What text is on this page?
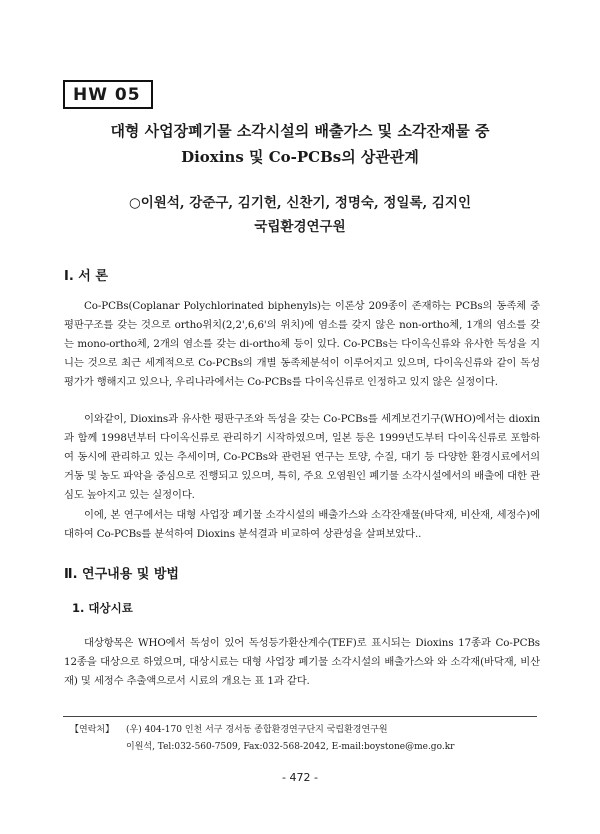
HW 05
대형 사업장폐기물 소각시설의 배출가스 및 소각잔재물 중
Dioxins 및 Co-PCBs의 상관관계
○이원석, 강준구, 김기헌, 신찬기, 정명숙, 정일록, 김지인
국립환경연구원
Ⅰ. 서 론

Co-PCBs(Coplanar Polychlorinated biphenyls)는 이론상 209종이 존재하는 PCBs의 동족체 중 평판구조를 갖는 것으로 ortho위치(2,2',6,6'의 위치)에 염소를 갖지 않은 non-ortho체, 1개의 염소를 갖는 mono-ortho체, 2개의 염소를 갖는 di-ortho체 등이 있다. Co-PCBs는 다이옥신류와 유사한 독성을 지니는 것으로 최근 세계적으로 Co-PCBs의 개별 동족체분석이 이루어지고 있으며, 다이옥신류와 같이 독성평가가 행해지고 있으나, 우리나라에서는 Co-PCBs를 다이옥신류로 인정하고 있지 않은 실정이다.

이와같이, Dioxins과 유사한 평판구조와 독성을 갖는 Co-PCBs를 세계보건기구(WHO)에서는 dioxin과 함께 1998년부터 다이옥신류로 관리하기 시작하였으며, 일본 등은 1999년도부터 다이옥신류로 포함하여 동시에 관리하고 있는 추세이며, Co-PCBs와 관련된 연구는 토양, 수질, 대기 등 다양한 환경시료에서의 거동 및 농도 파악을 중심으로 진행되고 있으며, 특히, 주요 오염원인 폐기물 소각시설에서의 배출에 대한 관심도 높아지고 있는 실정이다.

이에, 본 연구에서는 대형 사업장 폐기물 소각시설의 배출가스와 소각잔재물(바닥재, 비산재, 세정수)에 대하여 Co-PCBs를 분석하여 Dioxins 분석결과 비교하여 상관성을 살펴보았다..

Ⅱ. 연구내용 및 방법
1. 대상시료

대상항목은 WHO에서 독성이 있어 독성등가환산계수(TEF)로 표시되는 Dioxins 17종과 Co-PCBs 12종을 대상으로 하였으며, 대상시료는 대형 사업장 폐기물 소각시설의 배출가스와 와 소각재(바닥재, 비산재) 및 세정수 추출액으로서 시료의 개요는 표 1과 같다.

【연락처】	(우) 404-170 인천 서구 경서동 종합환경연구단지 국립환경연구원
이원석, Tel:032-560-7509, Fax:032-568-2042, E-mail:boystone@me.go.kr
- 472 -
